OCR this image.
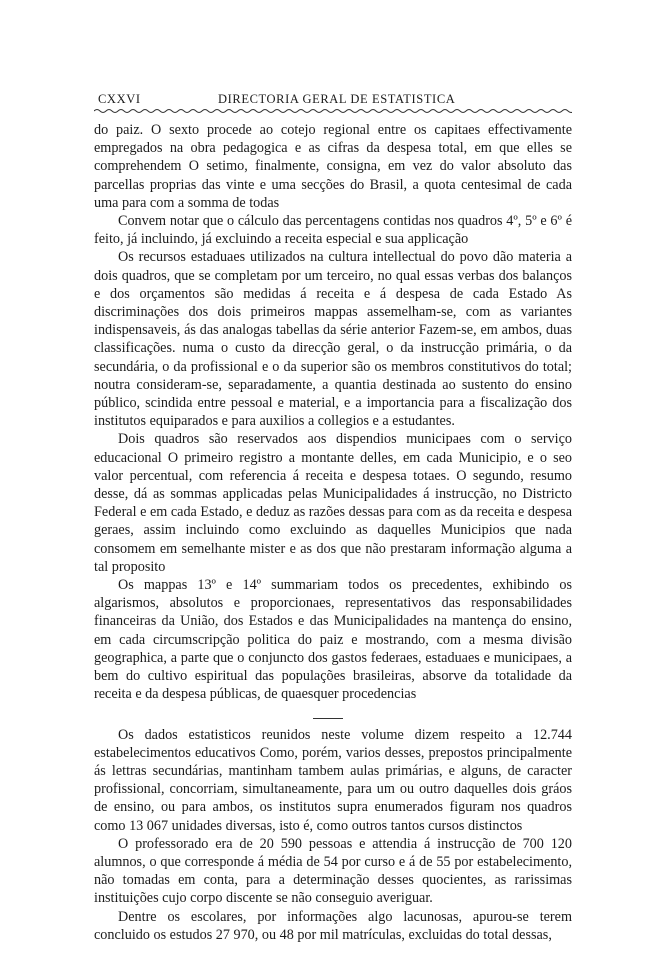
CXXVI	DIRECTORIA GERAL DE ESTATISTICA

do paiz. O sexto procede ao cotejo regional entre os capitaes effectivamente empregados na obra pedagogica e as cifras da despesa total, em que elles se comprehendem O setimo, finalmente, consigna, em vez do valor absoluto das parcellas proprias das vinte e uma secções do Brasil, a quota centesimal de cada uma para com a somma de todas

Convem notar que o cálculo das percentagens contidas nos quadros 4º, 5º e 6º é feito, já incluindo, já excluindo a receita especial e sua applicação

Os recursos estaduaes utilizados na cultura intellectual do povo dão materia a dois quadros, que se completam por um terceiro, no qual essas verbas dos balanços e dos orçamentos são medidas á receita e á despesa de cada Estado As discriminações dos dois primeiros mappas assemelham-se, com as variantes indispensaveis, ás das analogas tabellas da série anterior Fazem-se, em ambos, duas classificações. numa o custo da direcção geral, o da instrucção primária, o da secundária, o da profissional e o da superior são os membros constitutivos do total; noutra consideram-se, separadamente, a quantia destinada ao sustento do ensino público, scindida entre pessoal e material, e a importancia para a fiscalização dos institutos equiparados e para auxilios a collegios e a estudantes.

Dois quadros são reservados aos dispendios municipaes com o serviço educacional O primeiro registro a montante delles, em cada Municipio, e o seo valor percentual, com referencia á receita e despesa totaes. O segundo, resumo desse, dá as sommas applicadas pelas Municipalidades á instrucção, no Districto Federal e em cada Estado, e deduz as razões dessas para com as da receita e despesa geraes, assim incluindo como excluindo as daquelles Municipios que nada consomem em semelhante mister e as dos que não prestaram informação alguma a tal proposito

Os mappas 13º e 14º summariam todos os precedentes, exhibindo os algarismos, absolutos e proporcionaes, representativos das responsabilidades financeiras da União, dos Estados e das Municipalidades na mantença do ensino, em cada circumscripção politica do paiz e mostrando, com a mesma divisão geographica, a parte que o conjuncto dos gastos federaes, estaduaes e municipaes, a bem do cultivo espiritual das populações brasileiras, absorve da totalidade da receita e da despesa públicas, de quaesquer procedencias

Os dados estatisticos reunidos neste volume dizem respeito a 12.744 estabelecimentos educativos Como, porém, varios desses, prepostos principalmente ás lettras secundárias, mantinham tambem aulas primárias, e alguns, de caracter profissional, concorriam, simultaneamente, para um ou outro daquelles dois gráos de ensino, ou para ambos, os institutos supra enumerados figuram nos quadros como 13 067 unidades diversas, isto é, como outros tantos cursos distinctos

O professorado era de 20 590 pessoas e attendia á instrucção de 700 120 alumnos, o que corresponde á média de 54 por curso e á de 55 por estabelecimento, não tomadas em conta, para a determinação desses quocientes, as rarissimas instituições cujo corpo discente se não conseguio averiguar.

Dentre os escolares, por informações algo lacunosas, apurou-se terem concluido os estudos 27 970, ou 48 por mil matrículas, excluidas do total dessas,
